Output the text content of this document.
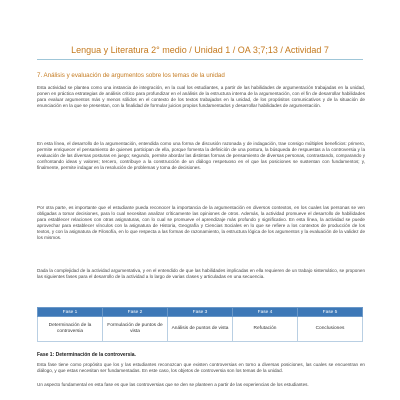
Lengua y Literatura 2° medio / Unidad 1 / OA 3;7;13 / Actividad 7
7. Análisis y evaluación de argumentos sobre los temas de la unidad

Esta actividad se plantea como una instancia de integración, en la cual los estudiantes, a partir de las habilidades de argumentación trabajadas en la unidad, ponen en práctica estrategias de análisis crítico para profundizar en el análisis de la estructura interna de la argumentación, con el fin de desarrollar habilidades para evaluar argumentos más y menos sólidos en el contexto de los textos trabajados en la unidad, de los propósitos comunicativos y de la situación de enunciación en la que se presentan, con la finalidad de formular juicios propios fundamentados y desarrollar habilidades de argumentación.

En esta línea, el desarrollo de la argumentación, entendida como una forma de discusión razonada y de indagación, trae consigo múltiples beneficios: primero, permite enriquecer el pensamiento de quienes participan de ella, porque fomenta la definición de una postura, la búsqueda de respuestas a la controversia y la evaluación de las diversas posturas en juego; segundo, permite abordar las distintas formas de pensamiento de diversas personas, contrastando, comparando y confrontando ideas y valores; tercero, contribuye a la construcción de un diálogo respetuoso en el que las posiciones se sustentan con fundamentos; y, finalmente, permite indagar en la resolución de problemas y toma de decisiones.

Por otra parte, es importante que el estudiante pueda reconocer la importancia de la argumentación en diversos contextos, en los cuales las personas se ven obligadas a tomar decisiones, para lo cual necesitan analizar críticamente las opiniones de otros. Además, la actividad promueve el desarrollo de habilidades para establecer relaciones con otras asignaturas, con lo cual se promueve el aprendizaje más profundo y significativo. En esta línea, la actividad se puede aprovechar para establecer vínculos con la asignatura de Historia, Geografía y Ciencias Sociales en lo que se refiere a los contextos de producción de los textos, y con la asignatura de Filosofía, en lo que respecta a las formas de razonamiento, la estructura lógica de los argumentos y la evaluación de la validez de los mismos.

Dada la complejidad de la actividad argumentativa, y en el entendido de que las habilidades implicadas en ella requieren de un trabajo sistemático, se proponen las siguientes fases para el desarrollo de la actividad a lo largo de varias clases y articuladas en una secuencia.

Fase 1	Fase 2	Fase 3	Fase 4	Fase 5
Determinación de la controversia	Formulación de puntos de vista	Análisis de puntos de vista	Refutación	Conclusiones
Fase 1: Determinación de la controversia.

Esta fase tiene como propósito que los y las estudiantes reconozcan que existen controversias en torno a diversas posiciones, las cuales se encuentran en diálogo, y que estas necesitan ser fundamentadas. En este caso, los objetos de controversia son los temas de la unidad.

Un aspecto fundamental en esta fase es que las controversias que se den se planteen a partir de las experiencias de los estudiantes.
